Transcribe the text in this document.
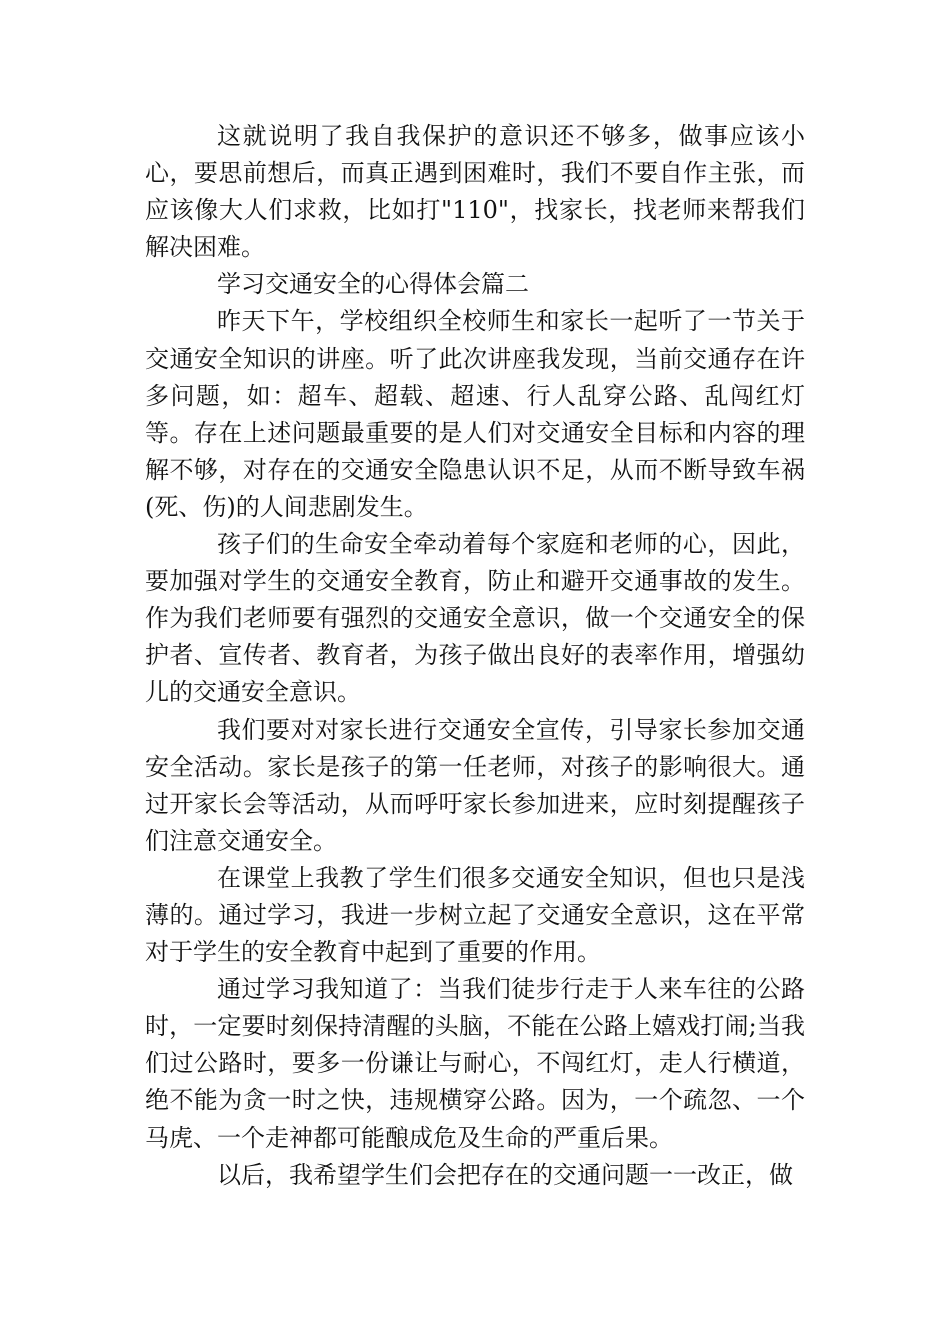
这就说明了我自我保护的意识还不够多，做事应该小心，要思前想后，而真正遇到困难时，我们不要自作主张，而应该像大人们求救，比如打"110"，找家长，找老师来帮我们解决困难。

学习交通安全的心得体会篇二

昨天下午，学校组织全校师生和家长一起听了一节关于交通安全知识的讲座。听了此次讲座我发现，当前交通存在许多问题，如：超车、超载、超速、行人乱穿公路、乱闯红灯等。存在上述问题最重要的是人们对交通安全目标和内容的理解不够，对存在的交通安全隐患认识不足，从而不断导致车祸(死、伤)的人间悲剧发生。

孩子们的生命安全牵动着每个家庭和老师的心，因此，要加强对学生的交通安全教育，防止和避开交通事故的发生。作为我们老师要有强烈的交通安全意识，做一个交通安全的保护者、宣传者、教育者，为孩子做出良好的表率作用，增强幼儿的交通安全意识。

我们要对对家长进行交通安全宣传，引导家长参加交通安全活动。家长是孩子的第一任老师，对孩子的影响很大。通过开家长会等活动，从而呼吁家长参加进来，应时刻提醒孩子们注意交通安全。

在课堂上我教了学生们很多交通安全知识，但也只是浅薄的。通过学习，我进一步树立起了交通安全意识，这在平常对于学生的安全教育中起到了重要的作用。

通过学习我知道了：当我们徒步行走于人来车往的公路时，一定要时刻保持清醒的头脑，不能在公路上嬉戏打闹;当我们过公路时，要多一份谦让与耐心，不闯红灯，走人行横道，绝不能为贪一时之快，违规横穿公路。因为，一个疏忽、一个马虎、一个走神都可能酿成危及生命的严重后果。

以后，我希望学生们会把存在的交通问题一一改正，做
